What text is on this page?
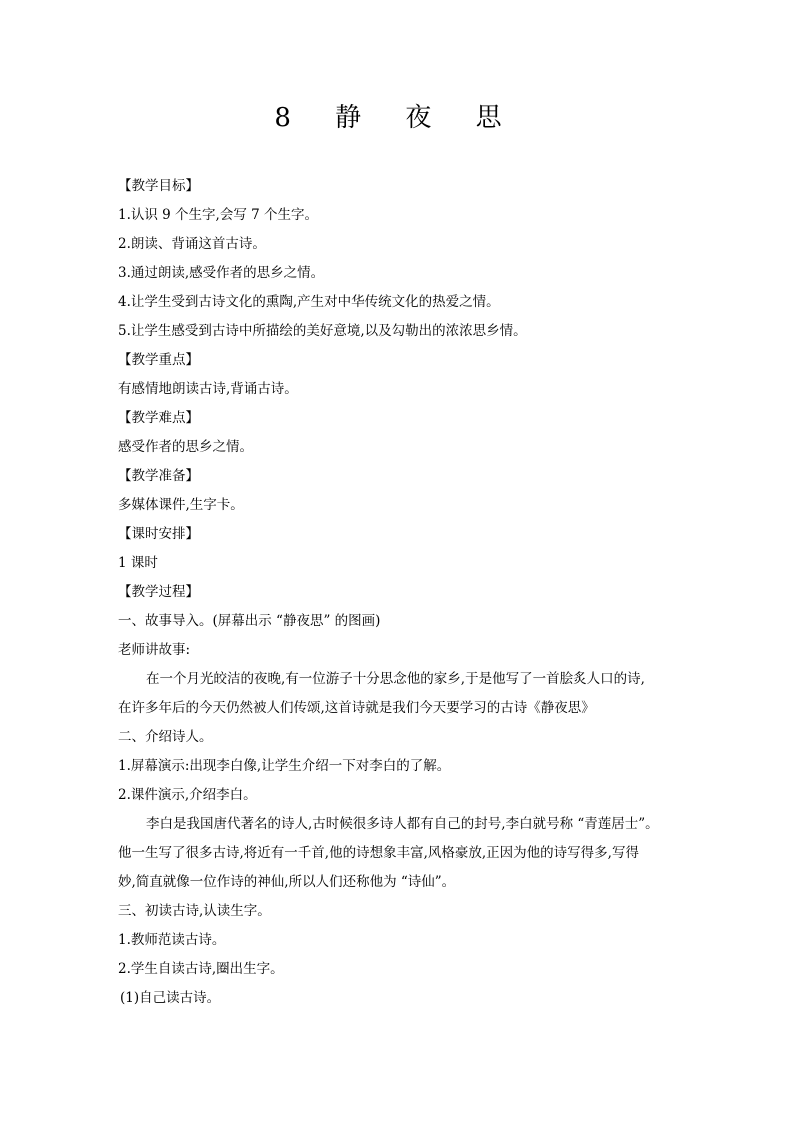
8 静 夜 思
【教学目标】
1.认识 9 个生字,会写 7 个生字。
2.朗读、背诵这首古诗。
3.通过朗读,感受作者的思乡之情。
4.让学生受到古诗文化的熏陶,产生对中华传统文化的热爱之情。
5.让学生感受到古诗中所描绘的美好意境,以及勾勒出的浓浓思乡情。
【教学重点】
有感情地朗读古诗,背诵古诗。
【教学难点】
感受作者的思乡之情。
【教学准备】
多媒体课件,生字卡。
【课时安排】
1 课时
【教学过程】
一、故事导入。(屏幕出示 “静夜思” 的图画)
老师讲故事:
在一个月光皎洁的夜晚,有一位游子十分思念他的家乡,于是他写了一首脍炙人口的诗,
在许多年后的今天仍然被人们传颂,这首诗就是我们今天要学习的古诗《静夜思》
二、介绍诗人。
1.屏幕演示:出现李白像,让学生介绍一下对李白的了解。
2.课件演示,介绍李白。
李白是我国唐代著名的诗人,古时候很多诗人都有自己的封号,李白就号称 “青莲居士”。
他一生写了很多古诗,将近有一千首,他的诗想象丰富,风格豪放,正因为他的诗写得多,写得
妙,简直就像一位作诗的神仙,所以人们还称他为 “诗仙”。
三、初读古诗,认读生字。
1.教师范读古诗。
2.学生自读古诗,圈出生字。
(1)自己读古诗。
